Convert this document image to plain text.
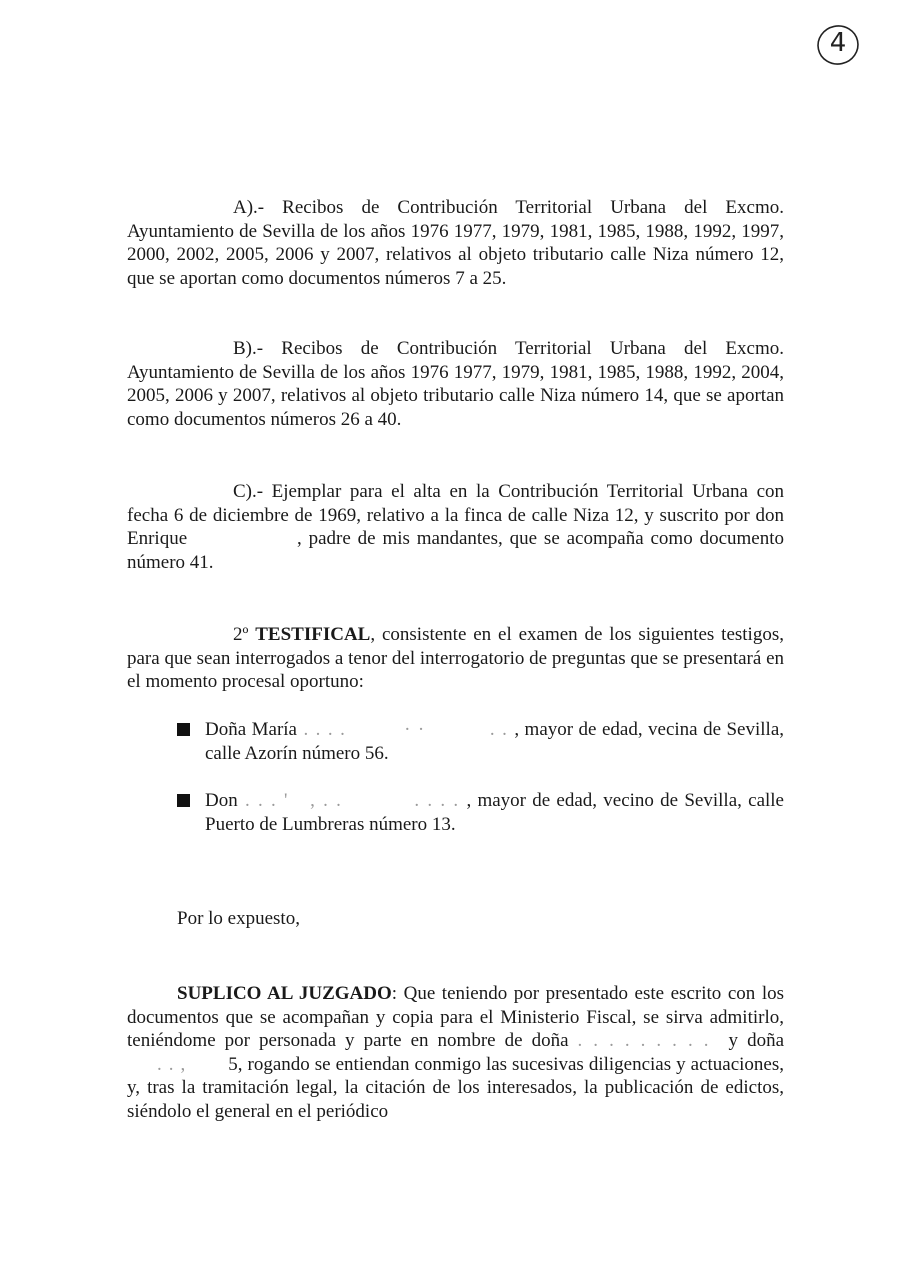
4

A).- Recibos de Contribución Territorial Urbana del Excmo. Ayuntamiento de Sevilla de los años 1976 1977, 1979, 1981, 1985, 1988, 1992, 1997, 2000, 2002, 2005, 2006 y 2007, relativos al objeto tributario calle Niza número 12, que se aportan como documentos números 7 a 25.

B).- Recibos de Contribución Territorial Urbana del Excmo. Ayuntamiento de Sevilla de los años 1976 1977, 1979, 1981, 1985, 1988, 1992, 2004, 2005, 2006 y 2007, relativos al objeto tributario calle Niza número 14, que se aportan como documentos números 26 a 40.

C).- Ejemplar para el alta en la Contribución Territorial Urbana con fecha 6 de diciembre de 1969, relativo a la finca de calle Niza 12, y suscrito por don Enrique                , padre de mis mandantes, que se acompaña como documento número 41.

2º TESTIFICAL, consistente en el examen de los siguientes testigos, para que sean interrogados a tenor del interrogatorio de preguntas que se presentará en el momento procesal oportuno:

Doña María . . . .         · ·          . . , mayor de edad, vecina de Sevilla, calle Azorín número 56.
Don . . . '   , . .          . . . . , mayor de edad, vecino de Sevilla, calle Puerto de Lumbreras número 13.

Por lo expuesto,

SUPLICO AL JUZGADO: Que teniendo por presentado este escrito con los documentos que se acompañan y copia para el Ministerio Fiscal, se sirva admitirlo, teniéndome por personada y parte en nombre de doña . . . . . . . . .  y doña      . . ,       5, rogando se entiendan conmigo las sucesivas diligencias y actuaciones, y, tras la tramitación legal, la citación de los interesados, la publicación de edictos, siéndolo el general en el periódico
